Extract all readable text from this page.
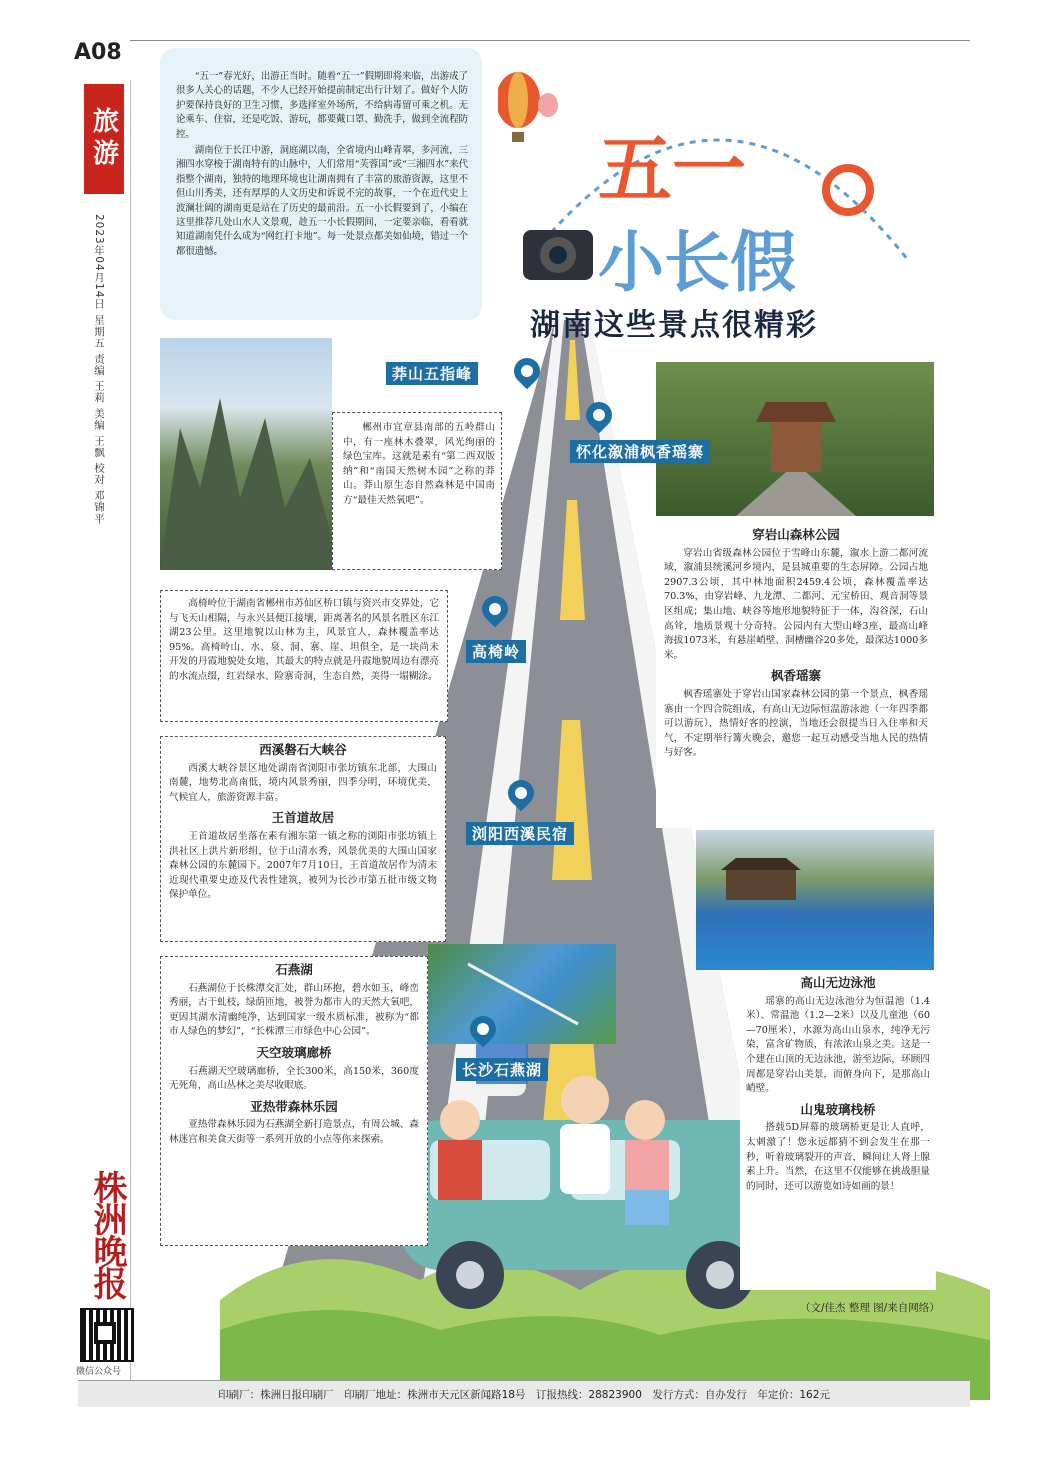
A08
旅游
2023年04月14日 星期五 责编 王莉 美编 王飘 校对 邓锦平
株洲晚报
微信公众号

“五一”春光好，出游正当时。随着“五一”假期即将来临，出游成了很多人关心的话题，不少人已经开始提前制定出行计划了。做好个人防护要保持良好的卫生习惯，多选择室外场所，不给病毒留可乘之机。无论乘车、住宿，还是吃饭、游玩，都要戴口罩、勤洗手，做到全流程防控。

湖南位于长江中游，洞庭湖以南，全省境内山峰青翠，多河流，三湘四水穿梭于湖南特有的山脉中，人们常用“芙蓉国”或“三湘四水”来代指整个湖南，独特的地理环境也让湖南拥有了丰富的旅游资源，这里不但山川秀美，还有厚厚的人文历史和诉说不完的故事，一个在近代史上波澜壮阔的湖南更是站在了历史的最前沿。五一小长假要到了，小编在这里推荐几处山水人文景观，趁五一小长假期间，一定要亲临，看看就知道湖南凭什么成为“网红打卡地”。每一处景点都美如仙境，错过一个都很遗憾。

五一
小长假
湖南这些景点很精彩

郴州市宜章县南部的五岭群山中，有一座林木叠翠，风光绚丽的绿色宝库。这就是素有“第二西双版纳”和“南国天然树木园”之称的莽山。莽山原生态自然森林是中国南方“最佳天然氧吧”。

莽山五指峰
怀化溆浦枫香瑶寨
穿岩山森林公园

穿岩山省级森林公园位于雪峰山东麓，溆水上游二都河流域，溆浦县统溪河乡境内，是县城重要的生态屏障。公园占地2907.3公顷，其中林地面积2459.4公顷，森林覆盖率达70.3%，由穿岩峰、九龙潭、二都河、元宝桥田、观音洞等景区组成；集山地、峡谷等地形地貌特征于一体，沟谷深，石山高耸，地质景观十分奇特。公园内有大型山峰3座，最高山峰海拔1073米，有悬崖峭壁、洞槽幽谷20多处，最深达1000多米。

枫香瑶寨

枫香瑶寨处于穿岩山国家森林公园的第一个景点，枫香瑶寨由一个四合院组成，有高山无边际恒温游泳池（一年四季都可以游玩），热情好客的控演，当地还会很提当日入住率和天气，不定期举行篝火晚会，邀您一起互动感受当地人民的热情与好客。

高山无边泳池

瑶寨的高山无边泳池分为恒温池（1.4米）、常温池（1.2—2米）以及儿童池（60—70厘米），水源为高山山泉水，纯净无污染，富含矿物质，有浓浓山泉之美。这是一个建在山顶的无边泳池，游至边际，环顾四周都是穿岩山美景，而俯身向下，是那高山峭壁。

山鬼玻璃栈桥

搭载5D屏幕的玻璃桥更是让人直呼，太刺激了！您永远都猜不到会发生在那一秒，听着玻璃裂开的声音，瞬间让人肾上腺素上升。当然，在这里不仅能够在挑战胆量的同时，还可以游览如诗如画的景！

高椅岭位于湖南省郴州市苏仙区桥口镇与资兴市交界处，它与飞天山相隔，与永兴县便江接壤，距离著名的风景名胜区东江湖23公里。这里地貌以山林为主，风景宜人，森林覆盖率达95%。高椅岭山、水、泉、洞、寨、崖、坦俱全，是一块尚未开发的丹霞地貌处女地，其最大的特点就是丹霞地貌周边有漂亮的水流点缀，红岩绿水、险寨奇洞，生态自然，美得一塌糊涂。

高椅岭
西溪磐石大峡谷

西溪大峡谷景区地处湖南省浏阳市张坊镇东北部，大围山南麓，地势北高南低，境内风景秀丽，四季分明，环境优美，气候宜人，旅游资源丰富。

王首道故居

王首道故居坐落在素有湘东第一镇之称的浏阳市张坊镇上洪社区上洪片新形组，位于山清水秀，风景优美的大围山国家森林公园的东麓园下。2007年7月10日，王首道故居作为清末近现代重要史迹及代表性建筑，被列为长沙市第五批市级文物保护单位。

浏阳西溪民宿
石燕湖

石燕湖位于长株潭交汇处，群山环抱，碧水如玉，峰峦秀丽，古干虬枝，绿荫匝地，被誉为都市人的天然大氧吧，更因其湖水清幽纯净，达到国家一级水质标准，被称为“都市人绿色的梦幻”，“长株潭三市绿色中心公园”。

天空玻璃廊桥

石燕湖天空玻璃廊桥，全长300米，高150米，360度无死角，高山丛林之美尽收眼底。

亚热带森林乐园

亚热带森林乐园为石燕湖全新打造景点，有周公城、森林迷宫和美食天街等一系列开放的小点等你来探索。

长沙石燕湖
（文/佳杰 整理 图/来自网络）
印刷厂：株洲日报印刷厂　印刷厂地址：株洲市天元区新闻路18号　订报热线：28823900　发行方式：自办发行　年定价：162元
